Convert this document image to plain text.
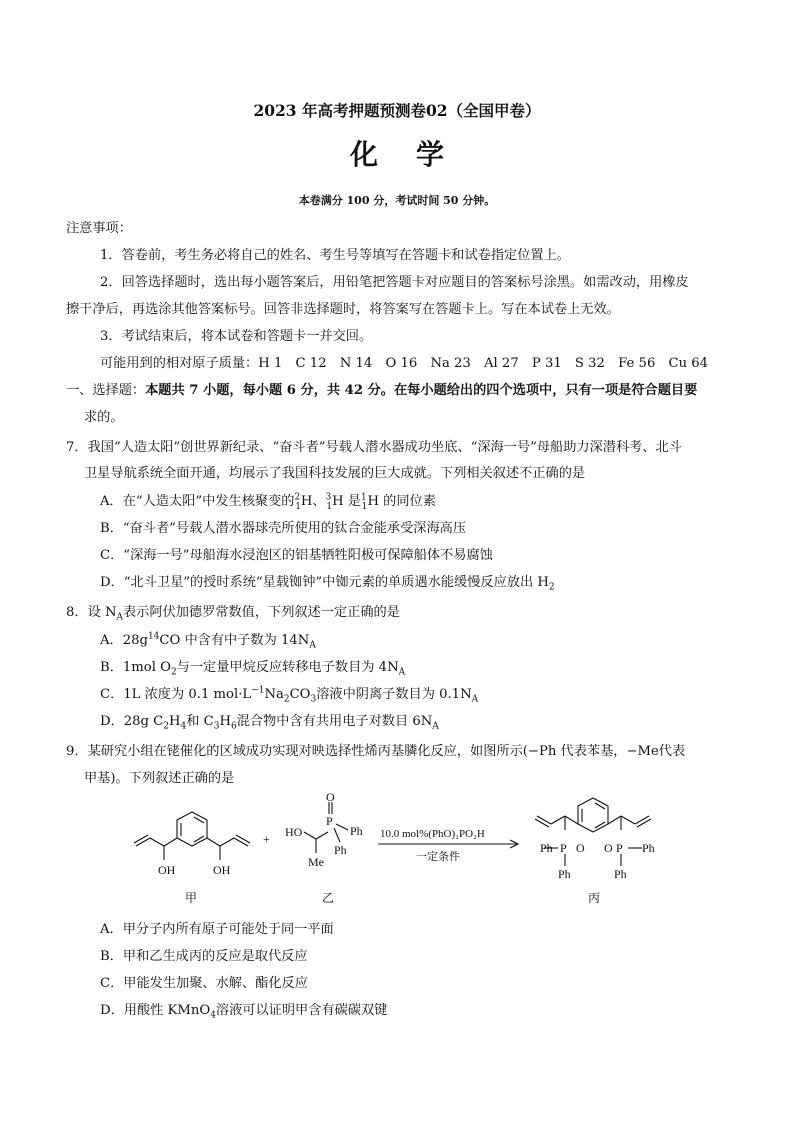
2023 年高考押题预测卷02（全国甲卷）
化学
本卷满分 100 分，考试时间 50 分钟。
注意事项：
1．答卷前，考生务必将自己的姓名、考生号等填写在答题卡和试卷指定位置上。
2．回答选择题时，选出每小题答案后，用铅笔把答题卡对应题目的答案标号涂黑。如需改动，用橡皮
擦干净后，再选涂其他答案标号。回答非选择题时，将答案写在答题卡上。写在本试卷上无效。
3．考试结束后，将本试卷和答题卡一并交回。
可能用到的相对原子质量：H 1　C 12　N 14　O 16　Na 23　Al 27　P 31　S 32　Fe 56　Cu 64
一、选择题：本题共 7 小题，每小题 6 分，共 42 分。在每小题给出的四个选项中，只有一项是符合题目要
求的。
7．我国“人造太阳”创世界新纪录、“奋斗者”号载人潜水器成功坐底、“深海一号”母船助力深潜科考、北斗
卫星导航系统全面开通，均展示了我国科技发展的巨大成就。下列相关叙述不正确的是
A．在“人造太阳”中发生核聚变的$^2_1$H、$^3_1$H 是$^1_1$H 的同位素
B．“奋斗者”号载人潜水器球壳所使用的钛合金能承受深海高压
C．“深海一号”母船海水浸泡区的铝基牺牲阳极可保障船体不易腐蚀
D．“北斗卫星”的授时系统“星载铷钟”中铷元素的单质遇水能缓慢反应放出 $H_2$
8．设 $N_A$表示阿伏加德罗常数值，下列叙述一定正确的是
A．$28g^{14}CO$ 中含有中子数为 $14N_A$
B．1mol $O_2$与一定量甲烷反应转移电子数目为 $4N_A$
C．1L 浓度为 0.1 $mol\cdot L^{-1}Na_2CO_3$溶液中阴离子数目为 $0.1N_A$
D．28g $C_2H_4$和 $C_3H_6$混合物中含有共用电子对数目 $6N_A$
9．某研究小组在铑催化的区域成功实现对映选择性烯丙基膦化反应，如图所示(−Ph 代表苯基，−Me代表
甲基)。下列叙述正确的是
OH	OH
甲
+ HO
O
P
Ph
Ph
Me
乙
10.0 mol%(PhO)₂PO₂H
一定条件
Ph P O O P Ph
Ph	Ph
丙
A．甲分子内所有原子可能处于同一平面
B．甲和乙生成丙的反应是取代反应
C．甲能发生加聚、水解、酯化反应
D．用酸性 KMnO$_4$溶液可以证明甲含有碳碳双键
